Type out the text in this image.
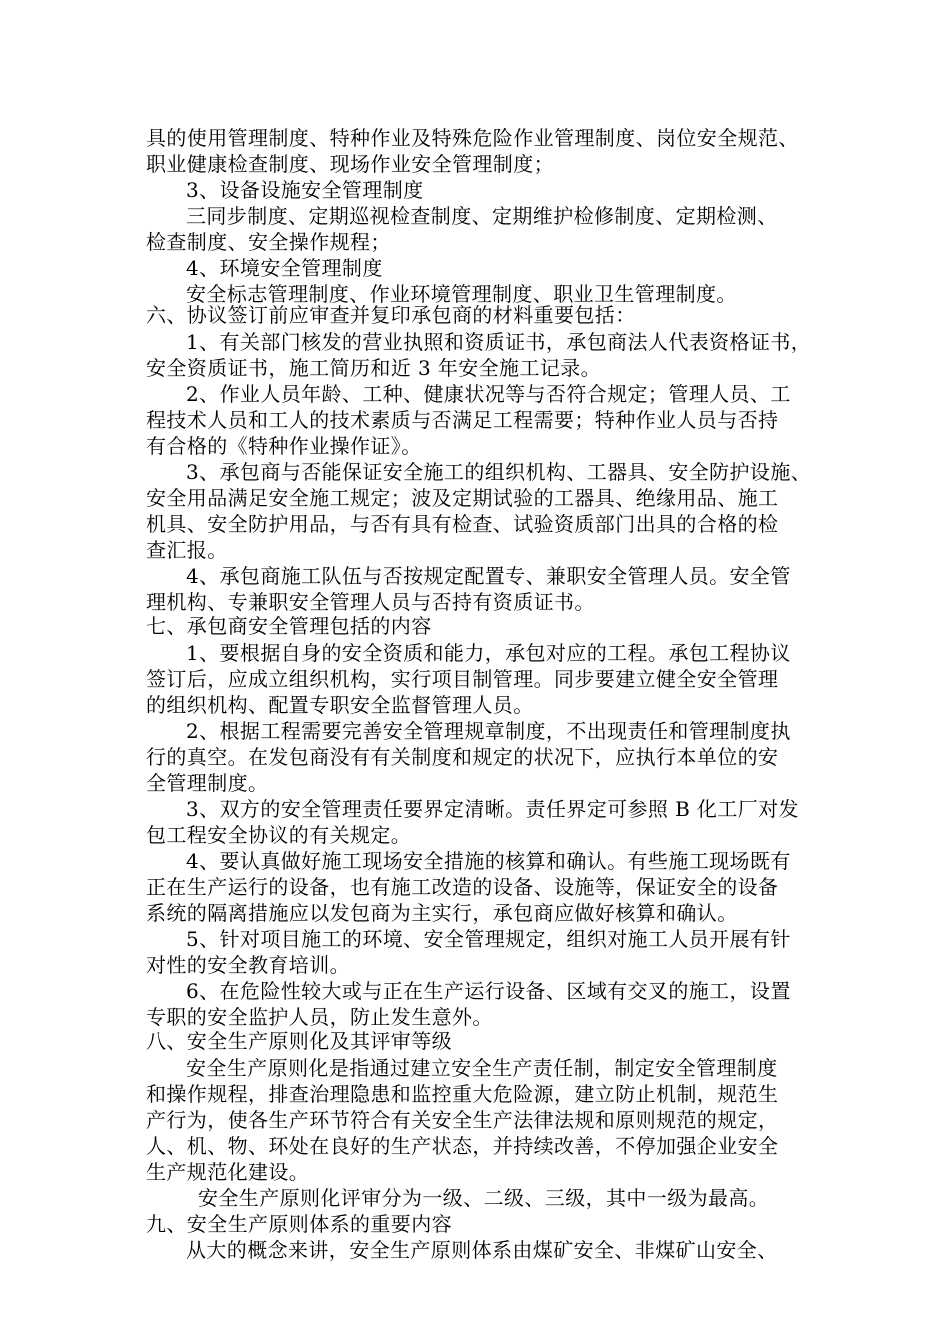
具的使用管理制度、特种作业及特殊危险作业管理制度、岗位安全规范、
职业健康检查制度、现场作业安全管理制度；
3、设备设施安全管理制度
三同步制度、定期巡视检查制度、定期维护检修制度、定期检测、
检查制度、安全操作规程；
4、环境安全管理制度
安全标志管理制度、作业环境管理制度、职业卫生管理制度。
六、协议签订前应审查并复印承包商的材料重要包括：
1、有关部门核发的营业执照和资质证书，承包商法人代表资格证书，
安全资质证书，施工简历和近 3 年安全施工记录。
2、作业人员年龄、工种、健康状况等与否符合规定；管理人员、工
程技术人员和工人的技术素质与否满足工程需要；特种作业人员与否持
有合格的《特种作业操作证》。
3、承包商与否能保证安全施工的组织机构、工器具、安全防护设施、
安全用品满足安全施工规定；波及定期试验的工器具、绝缘用品、施工
机具、安全防护用品，与否有具有检查、试验资质部门出具的合格的检
查汇报。
4、承包商施工队伍与否按规定配置专、兼职安全管理人员。安全管
理机构、专兼职安全管理人员与否持有资质证书。
七、承包商安全管理包括的内容
1、要根据自身的安全资质和能力，承包对应的工程。承包工程协议
签订后，应成立组织机构，实行项目制管理。同步要建立健全安全管理
的组织机构、配置专职安全监督管理人员。
2、根据工程需要完善安全管理规章制度，不出现责任和管理制度执
行的真空。在发包商没有有关制度和规定的状况下，应执行本单位的安
全管理制度。
3、双方的安全管理责任要界定清晰。责任界定可参照 B 化工厂对发
包工程安全协议的有关规定。
4、要认真做好施工现场安全措施的核算和确认。有些施工现场既有
正在生产运行的设备，也有施工改造的设备、设施等，保证安全的设备
系统的隔离措施应以发包商为主实行，承包商应做好核算和确认。
5、针对项目施工的环境、安全管理规定，组织对施工人员开展有针
对性的安全教育培训。
6、在危险性较大或与正在生产运行设备、区域有交叉的施工，设置
专职的安全监护人员，防止发生意外。
八、安全生产原则化及其评审等级
安全生产原则化是指通过建立安全生产责任制，制定安全管理制度
和操作规程，排查治理隐患和监控重大危险源，建立防止机制，规范生
产行为，使各生产环节符合有关安全生产法律法规和原则规范的规定，
人、机、物、环处在良好的生产状态，并持续改善，不停加强企业安全
生产规范化建设。
安全生产原则化评审分为一级、二级、三级，其中一级为最高。
九、安全生产原则体系的重要内容
从大的概念来讲，安全生产原则体系由煤矿安全、非煤矿山安全、
